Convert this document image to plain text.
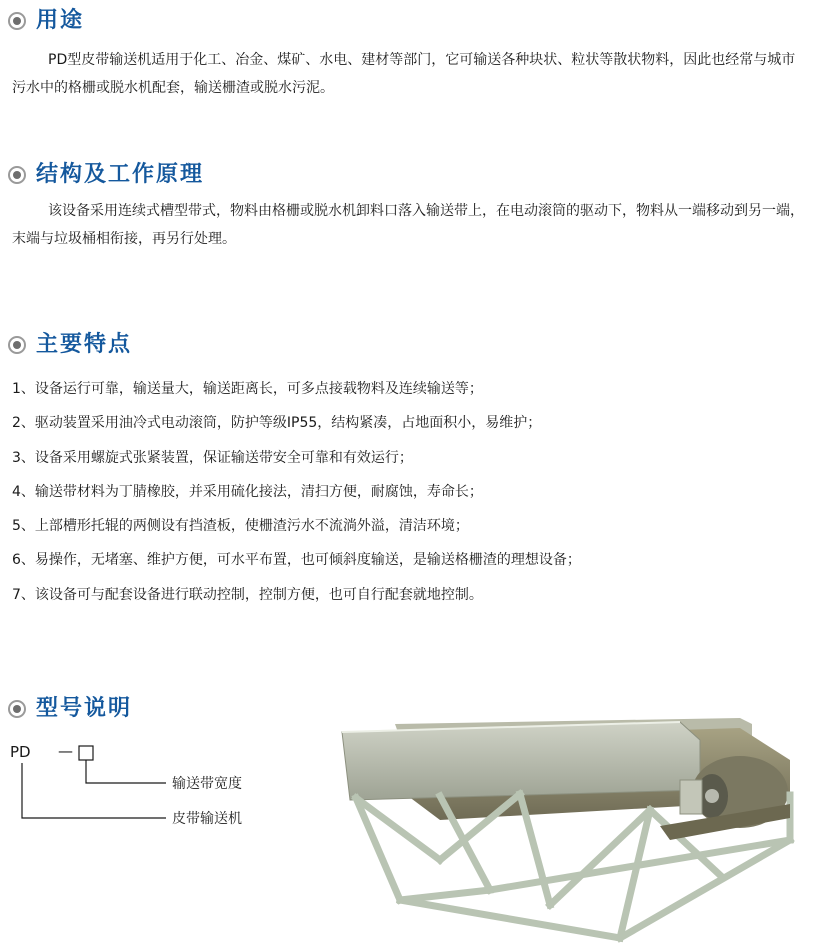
用途

PD型皮带输送机适用于化工、冶金、煤矿、水电、建材等部门，它可输送各种块状、粒状等散状物料，因此也经常与城市污水中的格栅或脱水机配套，输送栅渣或脱水污泥。

结构及工作原理

该设备采用连续式槽型带式，物料由格栅或脱水机卸料口落入输送带上，在电动滚筒的驱动下，物料从一端移动到另一端，末端与垃圾桶相衔接，再另行处理。

主要特点
1、设备运行可靠，输送量大，输送距离长，可多点接载物料及连续输送等；
2、驱动装置采用油冷式电动滚筒，防护等级IP55，结构紧凑，占地面积小，易维护；
3、设备采用螺旋式张紧装置，保证输送带安全可靠和有效运行；
4、输送带材料为丁腈橡胶，并采用硫化接法，清扫方便，耐腐蚀，寿命长；
5、上部槽形托辊的两侧设有挡渣板，使栅渣污水不流淌外溢，清洁环境；
6、易操作，无堵塞、维护方便，可水平布置，也可倾斜度输送，是输送格栅渣的理想设备；
7、该设备可与配套设备进行联动控制，控制方便，也可自行配套就地控制。
型号说明
PD —
输送带宽度
皮带输送机
